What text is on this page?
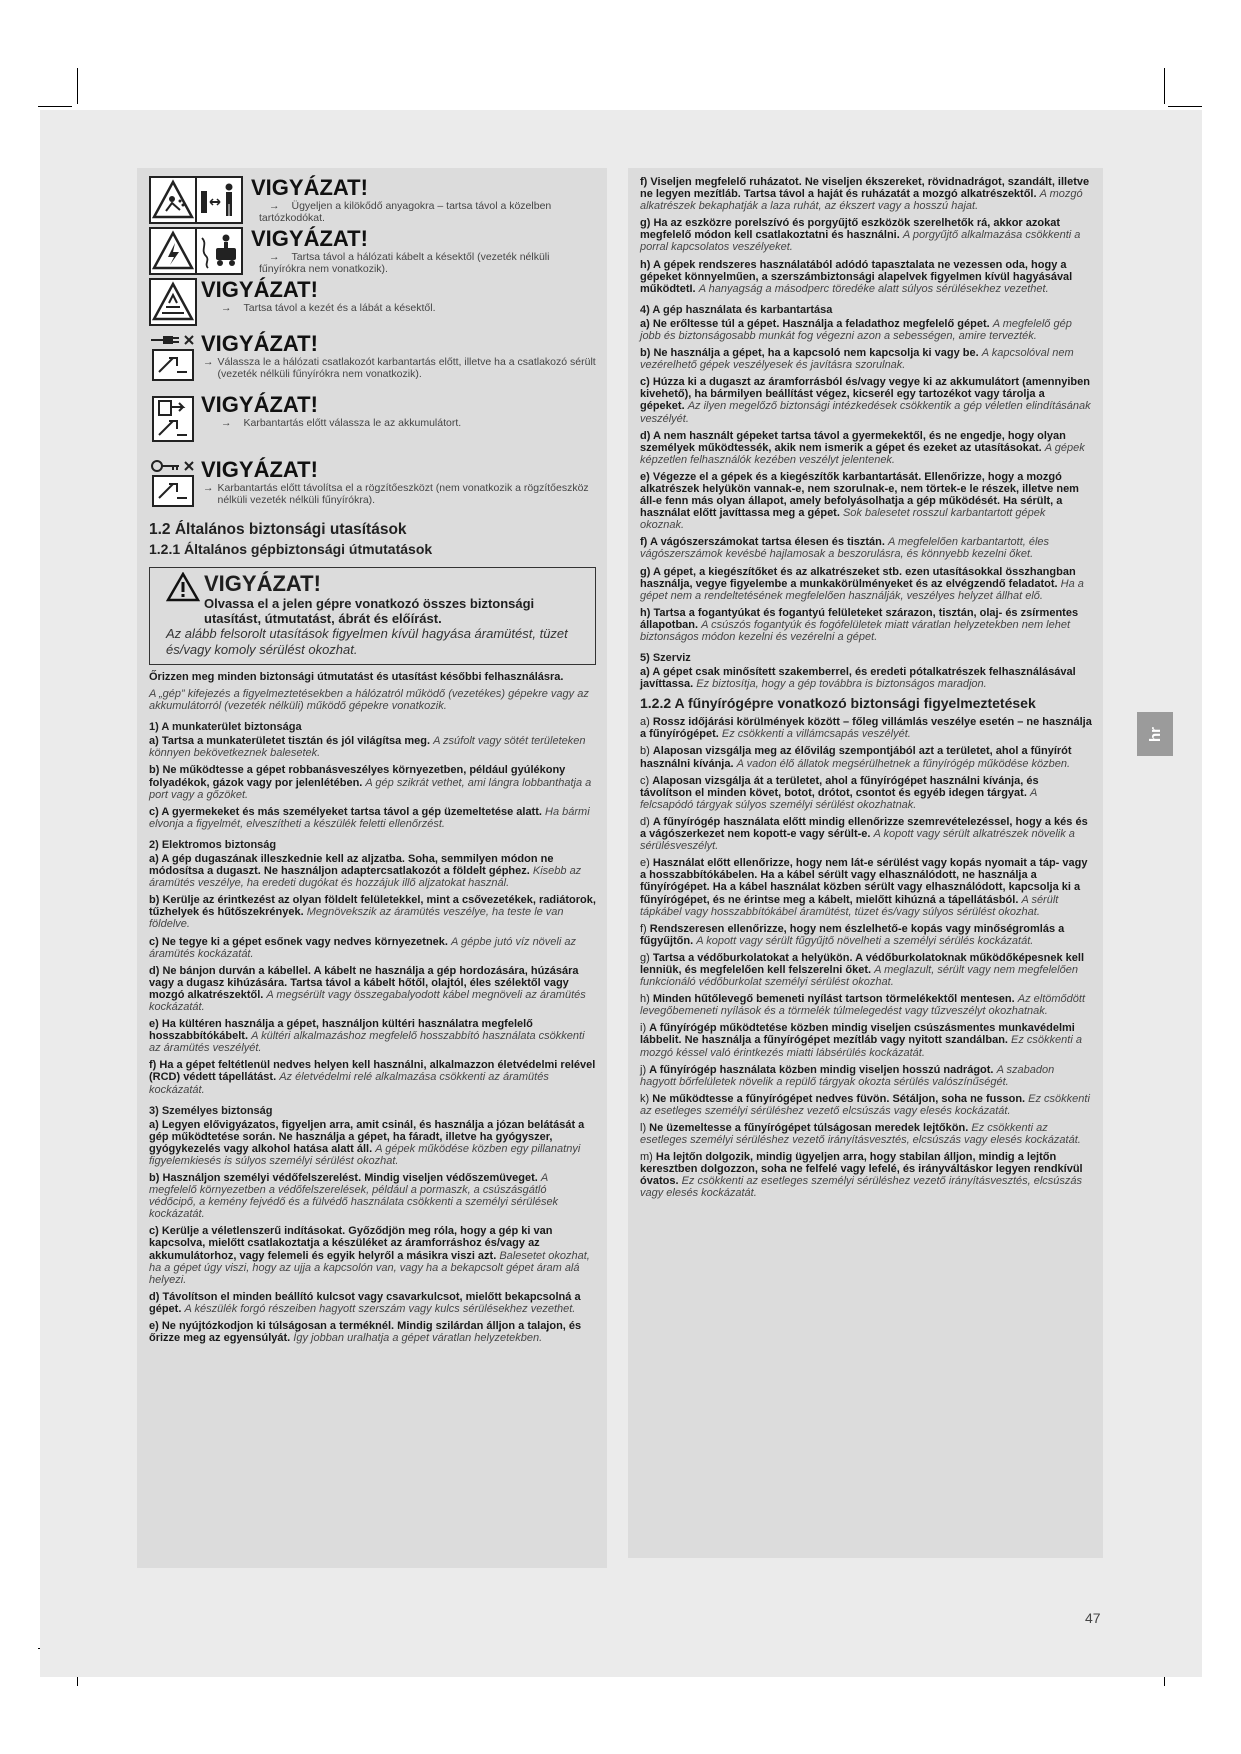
VIGYÁZAT!
→ Ügyeljen a kilökődő anyagokra – tartsa távol a közelben tartózkodókat.
VIGYÁZAT!
→ Tartsa távol a hálózati kábelt a késektől (vezeték nélküli fűnyírókra nem vonatkozik).
VIGYÁZAT!
→ Tartsa távol a kezét és a lábát a késektől.
VIGYÁZAT!
→ Válassza le a hálózati csatlakozót karbantartás előtt, illetve ha a csatlakozó sérült (vezeték nélküli fűnyírókra nem vonatkozik).
VIGYÁZAT!
→ Karbantartás előtt válassza le az akkumulátort.
VIGYÁZAT!
→ Karbantartás előtt távolítsa el a rögzítőeszközt (nem vonatkozik a rögzítőeszköz nélküli vezeték nélküli fűnyírókra).
1.2 Általános biztonsági utasítások
1.2.1 Általános gépbiztonsági útmutatások
VIGYÁZAT!
Olvassa el a jelen gépre vonatkozó összes biztonsági utasítást, útmutatást, ábrát és előírást.
Az alább felsorolt utasítások figyelmen kívül hagyása áramütést, tüzet és/vagy komoly sérülést okozhat.

Őrizzen meg minden biztonsági útmutatást és utasítást későbbi felhasználásra.

A „gép” kifejezés a figyelmeztetésekben a hálózatról működő (vezetékes) gépekre vagy az akkumulátorról (vezeték nélküli) működő gépekre vonatkozik.

1) A munkaterület biztonsága

a) Tartsa a munkaterületet tisztán és jól világítsa meg. A zsúfolt vagy sötét területeken könnyen bekövetkeznek balesetek.

b) Ne működtesse a gépet robbanásveszélyes környezetben, például gyúlékony folyadékok, gázok vagy por jelenlétében. A gép szikrát vethet, ami lángra lobbanthatja a port vagy a gőzöket.

c) A gyermekeket és más személyeket tartsa távol a gép üzemeltetése alatt. Ha bármi elvonja a figyelmét, elveszítheti a készülék feletti ellenőrzést.

2) Elektromos biztonság

a) A gép dugaszának illeszkednie kell az aljzatba. Soha, semmilyen módon ne módosítsa a dugaszt. Ne használjon adaptercsatlakozót a földelt géphez. Kisebb az áramütés veszélye, ha eredeti dugókat és hozzájuk illő aljzatokat használ.

b) Kerülje az érintkezést az olyan földelt felületekkel, mint a csővezetékek, radiátorok, tűzhelyek és hűtőszekrények. Megnövekszik az áramütés veszélye, ha teste le van földelve.

c) Ne tegye ki a gépet esőnek vagy nedves környezetnek. A gépbe jutó víz növeli az áramütés kockázatát.

d) Ne bánjon durván a kábellel. A kábelt ne használja a gép hordozására, húzására vagy a dugasz kihúzására. Tartsa távol a kábelt hőtől, olajtól, éles szélektől vagy mozgó alkatrészektől. A megsérült vagy összegabalyodott kábel megnöveli az áramütés kockázatát.

e) Ha kültéren használja a gépet, használjon kültéri használatra megfelelő hosszabbítókábelt. A kültéri alkalmazáshoz megfelelő hosszabbító használata csökkenti az áramütés veszélyét.

f) Ha a gépet feltétlenül nedves helyen kell használni, alkalmazzon életvédelmi relével (RCD) védett tápellátást. Az életvédelmi relé alkalmazása csökkenti az áramütés kockázatát.

3) Személyes biztonság

a) Legyen elővigyázatos, figyeljen arra, amit csinál, és használja a józan belátását a gép működtetése során. Ne használja a gépet, ha fáradt, illetve ha gyógyszer, gyógykezelés vagy alkohol hatása alatt áll. A gépek működése közben egy pillanatnyi figyelemkiesés is súlyos személyi sérülést okozhat.

b) Használjon személyi védőfelszerelést. Mindig viseljen védőszemüveget. A megfelelő környezetben a védőfelszerelések, például a pormaszk, a csúszásgátló védőcipő, a kemény fejvédő és a fülvédő használata csökkenti a személyi sérülések kockázatát.

c) Kerülje a véletlenszerű indításokat. Győződjön meg róla, hogy a gép ki van kapcsolva, mielőtt csatlakoztatja a készüléket az áramforráshoz és/vagy az akkumulátorhoz, vagy felemeli és egyik helyről a másikra viszi azt. Balesetet okozhat, ha a gépet úgy viszi, hogy az ujja a kapcsolón van, vagy ha a bekapcsolt gépet áram alá helyezi.

d) Távolítson el minden beállító kulcsot vagy csavarkulcsot, mielőtt bekapcsolná a gépet. A készülék forgó részeiben hagyott szerszám vagy kulcs sérülésekhez vezethet.

e) Ne nyújtózkodjon ki túlságosan a terméknél. Mindig szilárdan álljon a talajon, és őrizze meg az egyensúlyát. Így jobban uralhatja a gépet váratlan helyzetekben.

f) Viseljen megfelelő ruházatot. Ne viseljen ékszereket, rövidnadrágot, szandált, illetve ne legyen mezítláb. Tartsa távol a haját és ruházatát a mozgó alkatrészektől. A mozgó alkatrészek bekaphatják a laza ruhát, az ékszert vagy a hosszú hajat.

g) Ha az eszközre porelszívó és porgyűjtő eszközök szerelhetők rá, akkor azokat megfelelő módon kell csatlakoztatni és használni. A porgyűjtő alkalmazása csökkenti a porral kapcsolatos veszélyeket.

h) A gépek rendszeres használatából adódó tapasztalata ne vezessen oda, hogy a gépeket könnyelműen, a szerszámbiztonsági alapelvek figyelmen kívül hagyásával működtetI. A hanyagság a másodperc töredéke alatt súlyos sérülésekhez vezethet.

4) A gép használata és karbantartása

a) Ne erőltesse túl a gépet. Használja a feladathoz megfelelő gépet. A megfelelő gép jobb és biztonságosabb munkát fog végezni azon a sebességen, amire tervezték.

b) Ne használja a gépet, ha a kapcsoló nem kapcsolja ki vagy be. A kapcsolóval nem vezérelhető gépek veszélyesek és javításra szorulnak.

c) Húzza ki a dugaszt az áramforrásból és/vagy vegye ki az akkumulátort (amennyiben kivehető), ha bármilyen beállítást végez, kicserél egy tartozékot vagy tárolja a gépeket. Az ilyen megelőző biztonsági intézkedések csökkentik a gép véletlen elindításának veszélyét.

d) A nem használt gépeket tartsa távol a gyermekektől, és ne engedje, hogy olyan személyek működtessék, akik nem ismerik a gépet és ezeket az utasításokat. A gépek képzetlen felhasználók kezében veszélyt jelentenek.

e) Végezze el a gépek és a kiegészítők karbantartását. Ellenőrizze, hogy a mozgó alkatrészek helyükön vannak-e, nem szorulnak-e, nem törtek-e le részek, illetve nem áll-e fenn más olyan állapot, amely befolyásolhatja a gép működését. Ha sérült, a használat előtt javíttassa meg a gépet. Sok balesetet rosszul karbantartott gépek okoznak.

f) A vágószerszámokat tartsa élesen és tisztán. A megfelelően karbantartott, éles vágószerszámok kevésbé hajlamosak a beszorulásra, és könnyebb kezelni őket.

g) A gépet, a kiegészítőket és az alkatrészeket stb. ezen utasításokkal összhangban használja, vegye figyelembe a munkakörülményeket és az elvégzendő feladatot. Ha a gépet nem a rendeltetésének megfelelően használják, veszélyes helyzet állhat elő.

h) Tartsa a fogantyúkat és fogantyú felületeket szárazon, tisztán, olaj- és zsírmentes állapotban. A csúszós fogantyúk és fogófelületek miatt váratlan helyzetekben nem lehet biztonságos módon kezelni és vezérelni a gépet.

5) Szerviz

a) A gépet csak minősített szakemberrel, és eredeti pótalkatrészek felhasználásával javíttassa. Ez biztosítja, hogy a gép továbbra is biztonságos maradjon.

1.2.2 A fűnyírógépre vonatkozó biztonsági figyelmeztetések

a) Rossz időjárási körülmények között – főleg villámlás veszélye esetén – ne használja a fűnyírógépet. Ez csökkenti a villámcsapás veszélyét.

b) Alaposan vizsgálja meg az élővilág szempontjából azt a területet, ahol a fűnyírót használni kívánja. A vadon élő állatok megsérülhetnek a fűnyírógép működése közben.

c) Alaposan vizsgálja át a területet, ahol a fűnyírógépet használni kívánja, és távolítson el minden követ, botot, drótot, csontot és egyéb idegen tárgyat. A felcsapódó tárgyak súlyos személyi sérülést okozhatnak.

d) A fűnyírógép használata előtt mindig ellenőrizze szemrevételezéssel, hogy a kés és a vágószerkezet nem kopott-e vagy sérült-e. A kopott vagy sérült alkatrészek növelik a sérülésveszélyt.

e) Használat előtt ellenőrizze, hogy nem lát-e sérülést vagy kopás nyomait a táp- vagy a hosszabbítókábelen. Ha a kábel sérült vagy elhasználódott, ne használja a fűnyírógépet. Ha a kábel használat közben sérült vagy elhasználódott, kapcsolja ki a fűnyírógépet, és ne érintse meg a kábelt, mielőtt kihúzná a tápellátásból. A sérült tápkábel vagy hosszabbítókábel áramütést, tüzet és/vagy súlyos sérülést okozhat.

f) Rendszeresen ellenőrizze, hogy nem észlelhető-e kopás vagy minőségromlás a fűgyűjtőn. A kopott vagy sérült fűgyűjtő növelheti a személyi sérülés kockázatát.

g) Tartsa a védőburkolatokat a helyükön. A védőburkolatoknak működőképesnek kell lenniük, és megfelelően kell felszerelni őket. A meglazult, sérült vagy nem megfelelően funkcionáló védőburkolat személyi sérülést okozhat.

h) Minden hűtőlevegő bemeneti nyílást tartson törmelékektől mentesen. Az eltömődött levegőbemeneti nyílások és a törmelék túlmelegedést vagy tűzveszélyt okozhatnak.

i) A fűnyírógép működtetése közben mindig viseljen csúszásmentes munkavédelmi lábbelit. Ne használja a fűnyírógépet mezítláb vagy nyitott szandálban. Ez csökkenti a mozgó késsel való érintkezés miatti lábsérülés kockázatát.

j) A fűnyírógép használata közben mindig viseljen hosszú nadrágot. A szabadon hagyott bőrfelületek növelik a repülő tárgyak okozta sérülés valószínűségét.

k) Ne működtesse a fűnyírógépet nedves füvön. Sétáljon, soha ne fusson. Ez csökkenti az esetleges személyi sérüléshez vezető elcsúszás vagy elesés kockázatát.

l) Ne üzemeltesse a fűnyírógépet túlságosan meredek lejtőkön. Ez csökkenti az esetleges személyi sérüléshez vezető irányításvesztés, elcsúszás vagy elesés kockázatát.

m) Ha lejtőn dolgozik, mindig ügyeljen arra, hogy stabilan álljon, mindig a lejtőn keresztben dolgozzon, soha ne felfelé vagy lefelé, és irányváltáskor legyen rendkívül óvatos. Ez csökkenti az esetleges személyi sérüléshez vezető irányításvesztés, elcsúszás vagy elesés kockázatát.

hr
47
